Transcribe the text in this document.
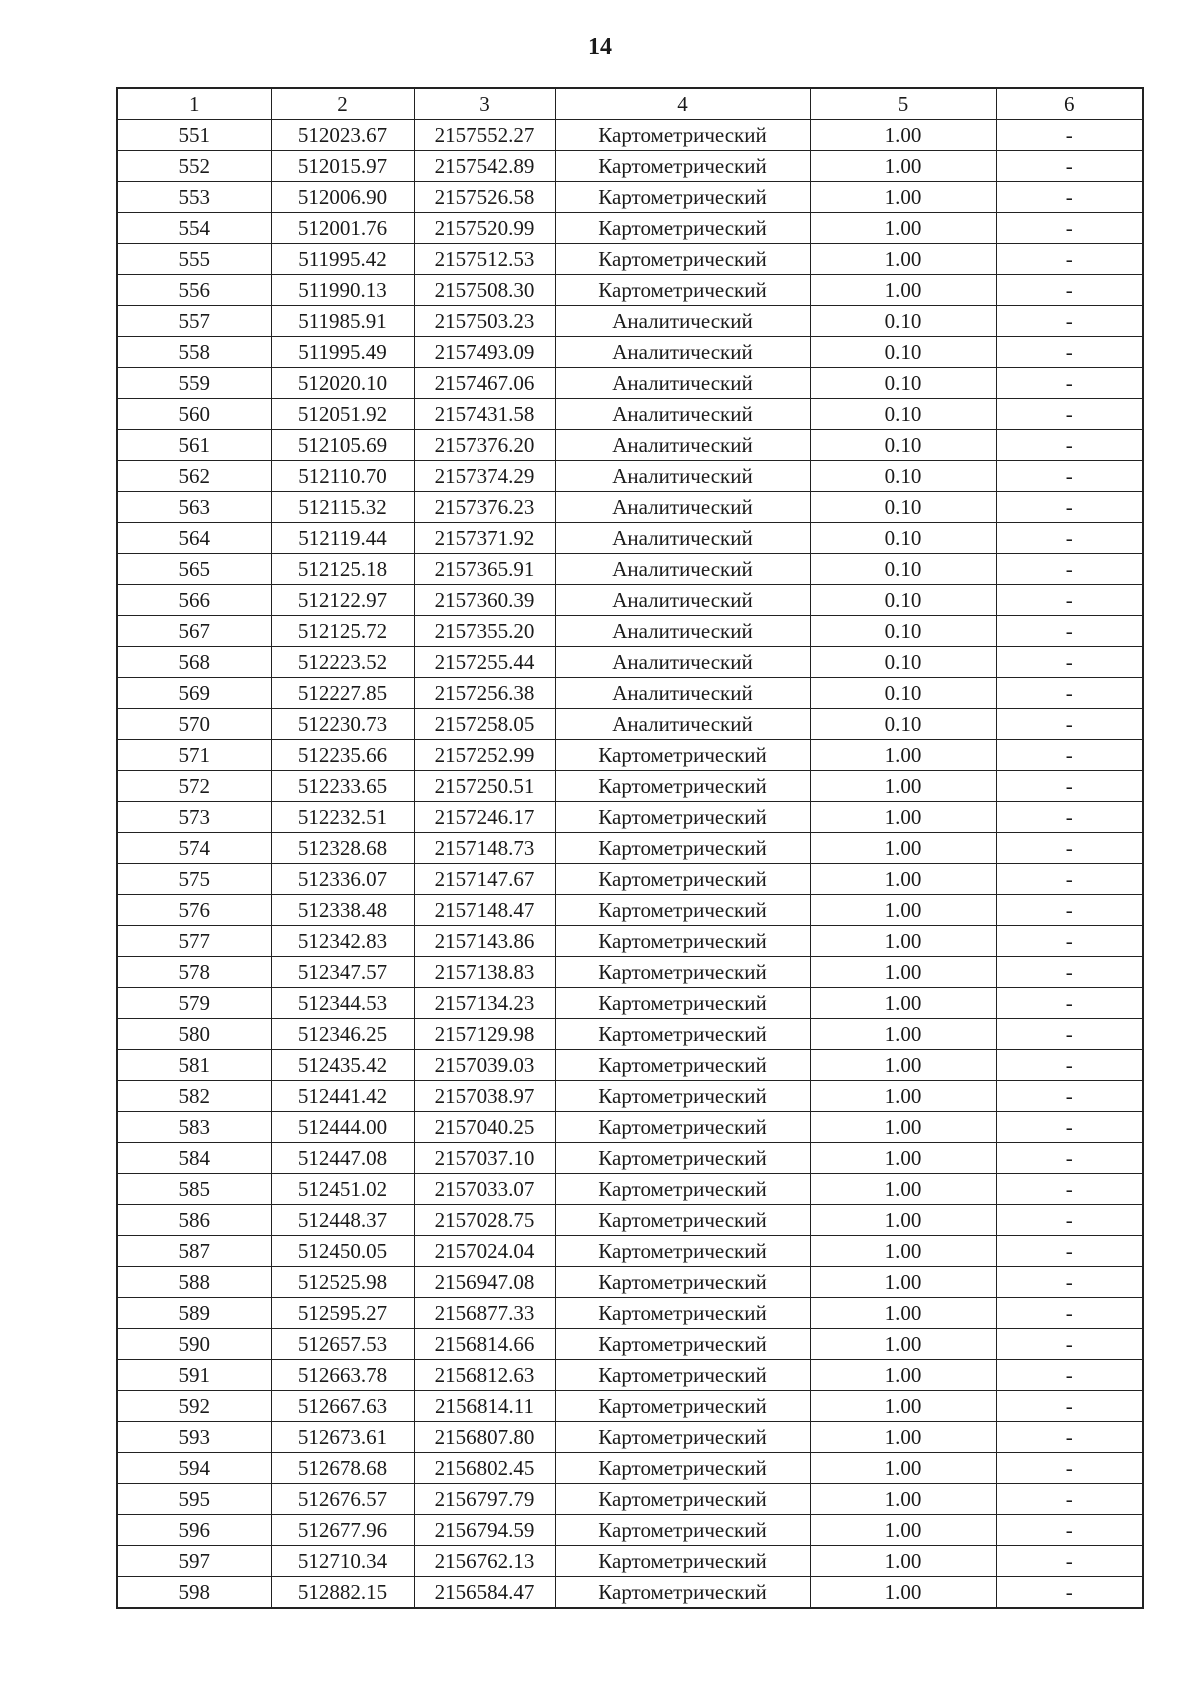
14
1	2	3	4	5	6
551	512023.67	2157552.27	Картометрический	1.00	-
552	512015.97	2157542.89	Картометрический	1.00	-
553	512006.90	2157526.58	Картометрический	1.00	-
554	512001.76	2157520.99	Картометрический	1.00	-
555	511995.42	2157512.53	Картометрический	1.00	-
556	511990.13	2157508.30	Картометрический	1.00	-
557	511985.91	2157503.23	Аналитический	0.10	-
558	511995.49	2157493.09	Аналитический	0.10	-
559	512020.10	2157467.06	Аналитический	0.10	-
560	512051.92	2157431.58	Аналитический	0.10	-
561	512105.69	2157376.20	Аналитический	0.10	-
562	512110.70	2157374.29	Аналитический	0.10	-
563	512115.32	2157376.23	Аналитический	0.10	-
564	512119.44	2157371.92	Аналитический	0.10	-
565	512125.18	2157365.91	Аналитический	0.10	-
566	512122.97	2157360.39	Аналитический	0.10	-
567	512125.72	2157355.20	Аналитический	0.10	-
568	512223.52	2157255.44	Аналитический	0.10	-
569	512227.85	2157256.38	Аналитический	0.10	-
570	512230.73	2157258.05	Аналитический	0.10	-
571	512235.66	2157252.99	Картометрический	1.00	-
572	512233.65	2157250.51	Картометрический	1.00	-
573	512232.51	2157246.17	Картометрический	1.00	-
574	512328.68	2157148.73	Картометрический	1.00	-
575	512336.07	2157147.67	Картометрический	1.00	-
576	512338.48	2157148.47	Картометрический	1.00	-
577	512342.83	2157143.86	Картометрический	1.00	-
578	512347.57	2157138.83	Картометрический	1.00	-
579	512344.53	2157134.23	Картометрический	1.00	-
580	512346.25	2157129.98	Картометрический	1.00	-
581	512435.42	2157039.03	Картометрический	1.00	-
582	512441.42	2157038.97	Картометрический	1.00	-
583	512444.00	2157040.25	Картометрический	1.00	-
584	512447.08	2157037.10	Картометрический	1.00	-
585	512451.02	2157033.07	Картометрический	1.00	-
586	512448.37	2157028.75	Картометрический	1.00	-
587	512450.05	2157024.04	Картометрический	1.00	-
588	512525.98	2156947.08	Картометрический	1.00	-
589	512595.27	2156877.33	Картометрический	1.00	-
590	512657.53	2156814.66	Картометрический	1.00	-
591	512663.78	2156812.63	Картометрический	1.00	-
592	512667.63	2156814.11	Картометрический	1.00	-
593	512673.61	2156807.80	Картометрический	1.00	-
594	512678.68	2156802.45	Картометрический	1.00	-
595	512676.57	2156797.79	Картометрический	1.00	-
596	512677.96	2156794.59	Картометрический	1.00	-
597	512710.34	2156762.13	Картометрический	1.00	-
598	512882.15	2156584.47	Картометрический	1.00	-
